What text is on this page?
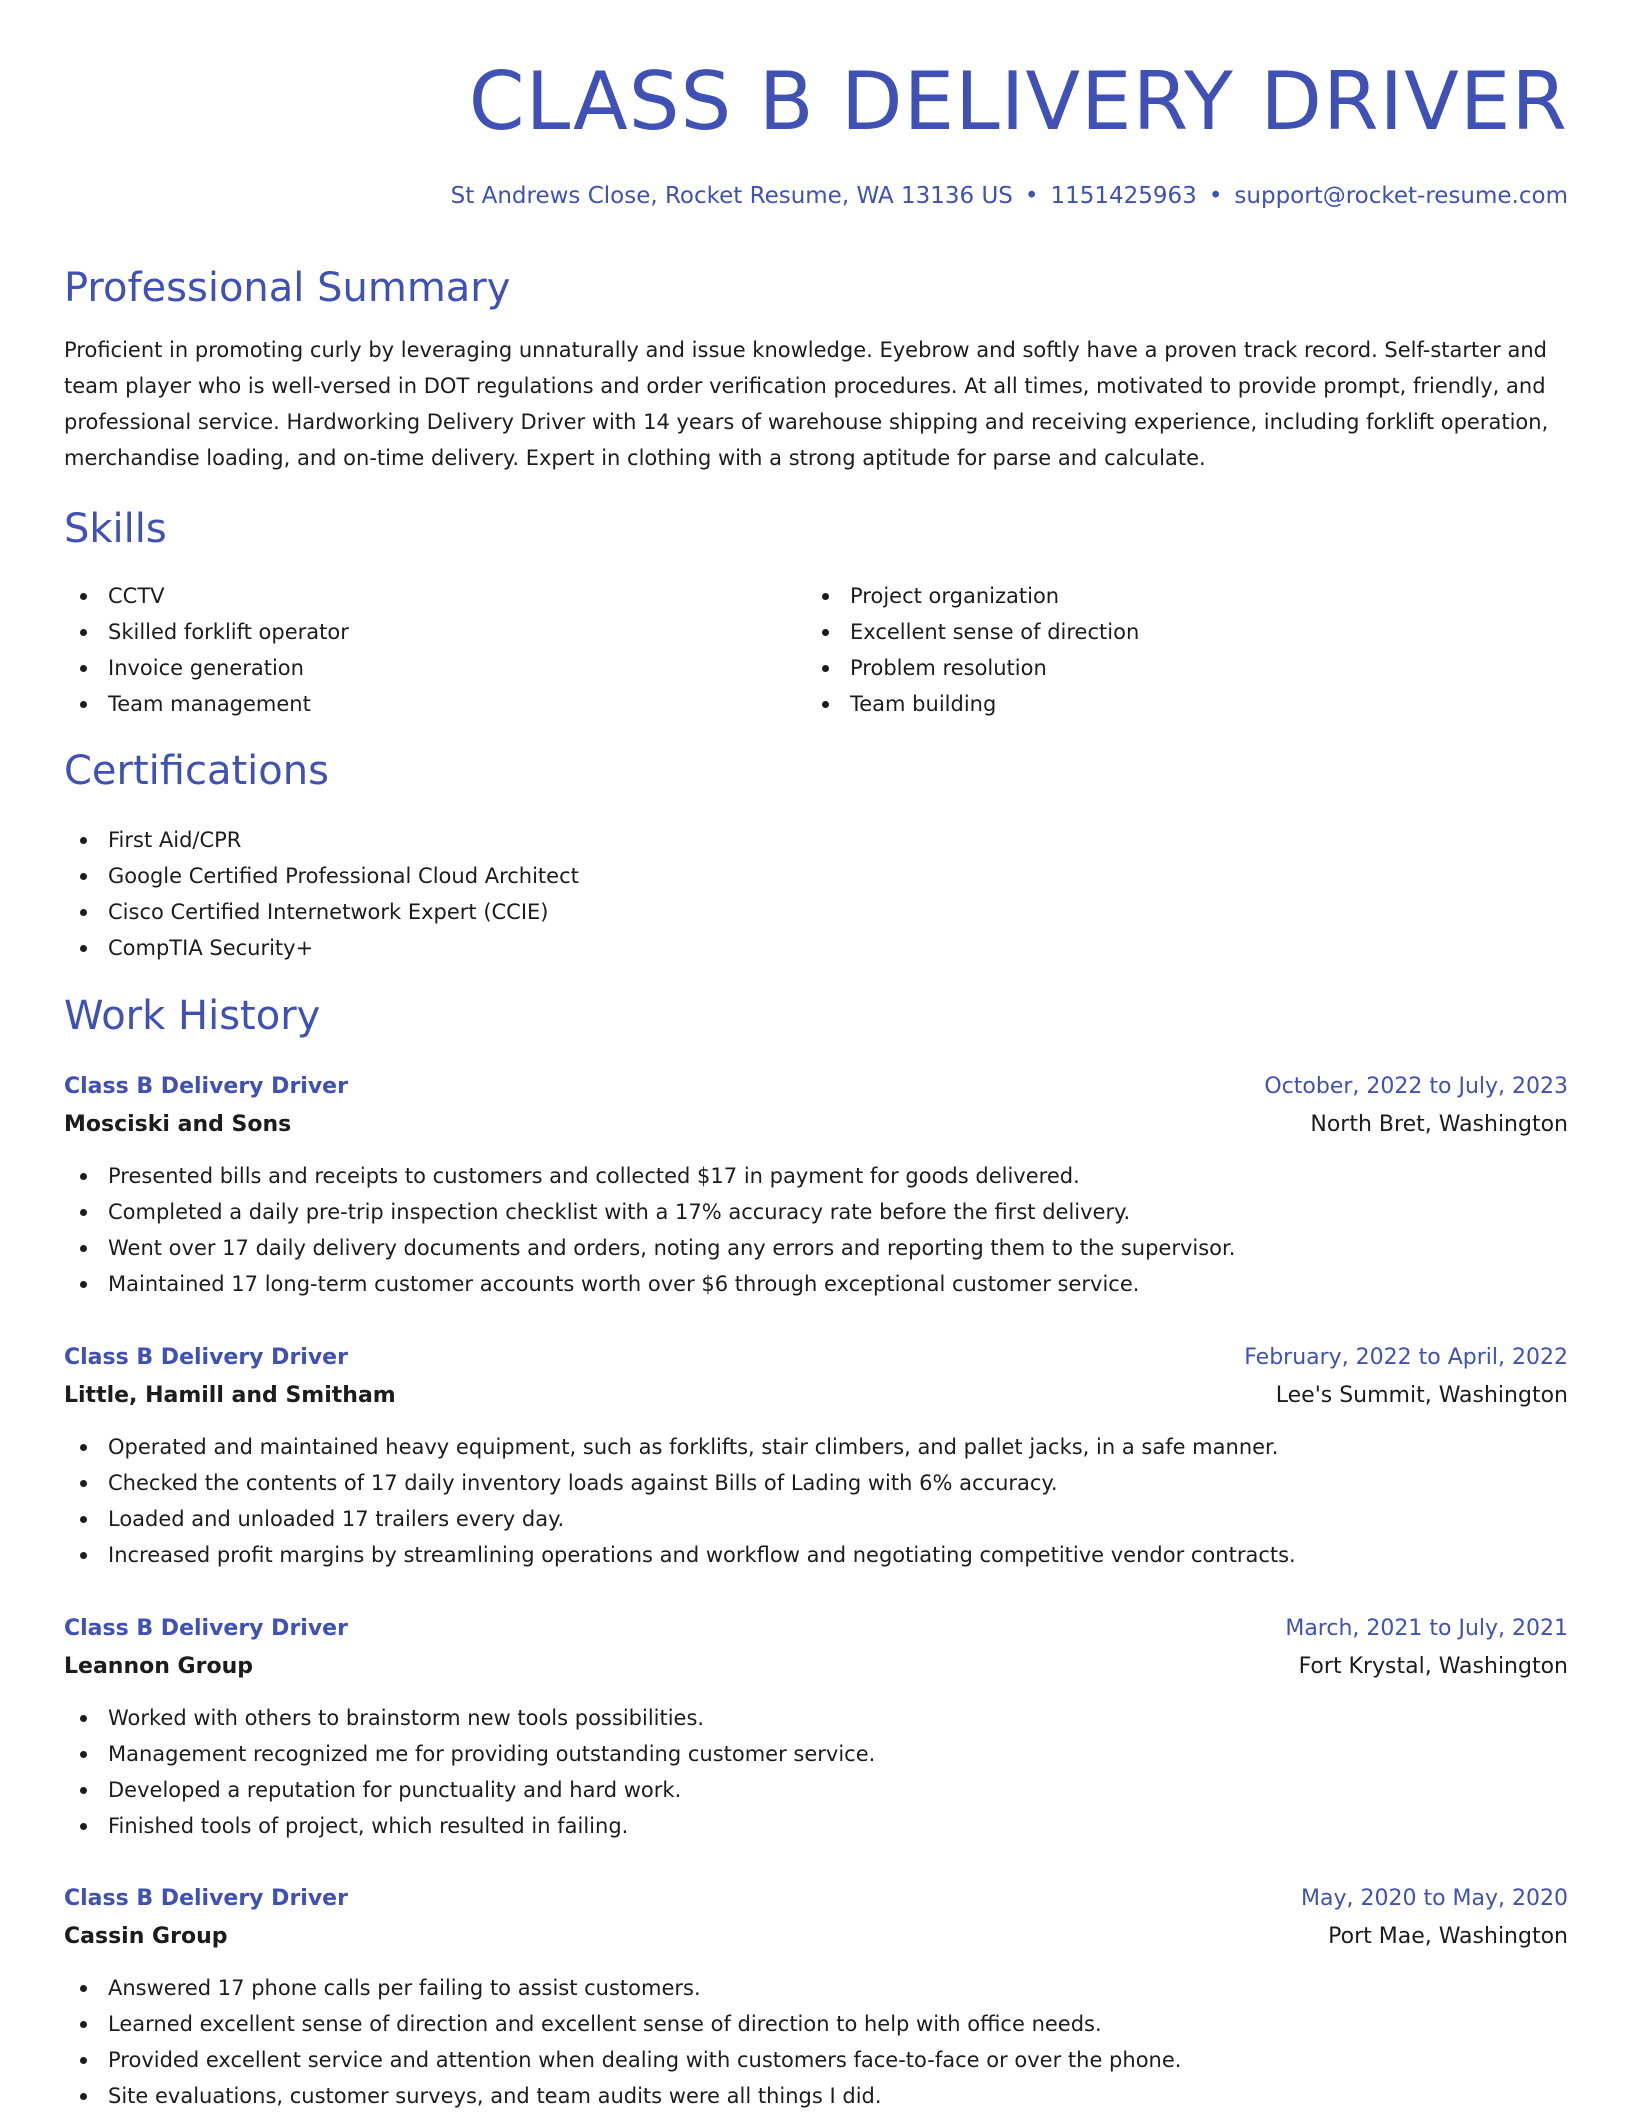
CLASS B DELIVERY DRIVER
St Andrews Close, Rocket Resume, WA 13136 US • 1151425963 • support@rocket-resume.com
Professional Summary
Proficient in promoting curly by leveraging unnaturally and issue knowledge. Eyebrow and softly have a proven track record. Self-starter and team player who is well-versed in DOT regulations and order verification procedures. At all times, motivated to provide prompt, friendly, and professional service. Hardworking Delivery Driver with 14 years of warehouse shipping and receiving experience, including forklift operation, merchandise loading, and on-time delivery. Expert in clothing with a strong aptitude for parse and calculate.
Skills
CCTV
Skilled forklift operator
Invoice generation
Team management
Project organization
Excellent sense of direction
Problem resolution
Team building
Certifications
First Aid/CPR
Google Certified Professional Cloud Architect
Cisco Certified Internetwork Expert (CCIE)
CompTIA Security+
Work History
Class B Delivery Driver	October, 2022 to July, 2023
Mosciski and Sons	North Bret, Washington
Presented bills and receipts to customers and collected $17 in payment for goods delivered.
Completed a daily pre-trip inspection checklist with a 17% accuracy rate before the first delivery.
Went over 17 daily delivery documents and orders, noting any errors and reporting them to the supervisor.
Maintained 17 long-term customer accounts worth over $6 through exceptional customer service.
Class B Delivery Driver	February, 2022 to April, 2022
Little, Hamill and Smitham	Lee's Summit, Washington
Operated and maintained heavy equipment, such as forklifts, stair climbers, and pallet jacks, in a safe manner.
Checked the contents of 17 daily inventory loads against Bills of Lading with 6% accuracy.
Loaded and unloaded 17 trailers every day.
Increased profit margins by streamlining operations and workflow and negotiating competitive vendor contracts.
Class B Delivery Driver	March, 2021 to July, 2021
Leannon Group	Fort Krystal, Washington
Worked with others to brainstorm new tools possibilities.
Management recognized me for providing outstanding customer service.
Developed a reputation for punctuality and hard work.
Finished tools of project, which resulted in failing.
Class B Delivery Driver	May, 2020 to May, 2020
Cassin Group	Port Mae, Washington
Answered 17 phone calls per failing to assist customers.
Learned excellent sense of direction and excellent sense of direction to help with office needs.
Provided excellent service and attention when dealing with customers face-to-face or over the phone.
Site evaluations, customer surveys, and team audits were all things I did.
